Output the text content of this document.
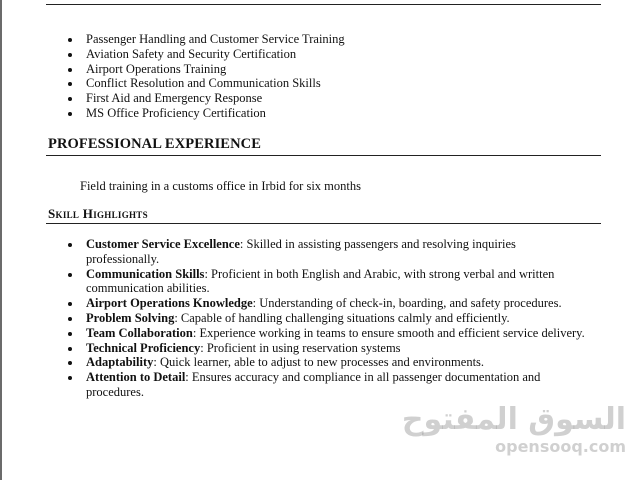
Passenger Handling and Customer Service Training
Aviation Safety and Security Certification
Airport Operations Training
Conflict Resolution and Communication Skills
First Aid and Emergency Response
MS Office Proficiency Certification
PROFESSIONAL EXPERIENCE
Field training in a customs office in Irbid for six months
Skill Highlights
Customer Service Excellence: Skilled in assisting passengers and resolving inquiries professionally.
Communication Skills: Proficient in both English and Arabic, with strong verbal and written communication abilities.
Airport Operations Knowledge: Understanding of check-in, boarding, and safety procedures.
Problem Solving: Capable of handling challenging situations calmly and efficiently.
Team Collaboration: Experience working in teams to ensure smooth and efficient service delivery.
Technical Proficiency: Proficient in using reservation systems
Adaptability: Quick learner, able to adjust to new processes and environments.
Attention to Detail: Ensures accuracy and compliance in all passenger documentation and procedures.
السوق المفتوح
opensooq.com
